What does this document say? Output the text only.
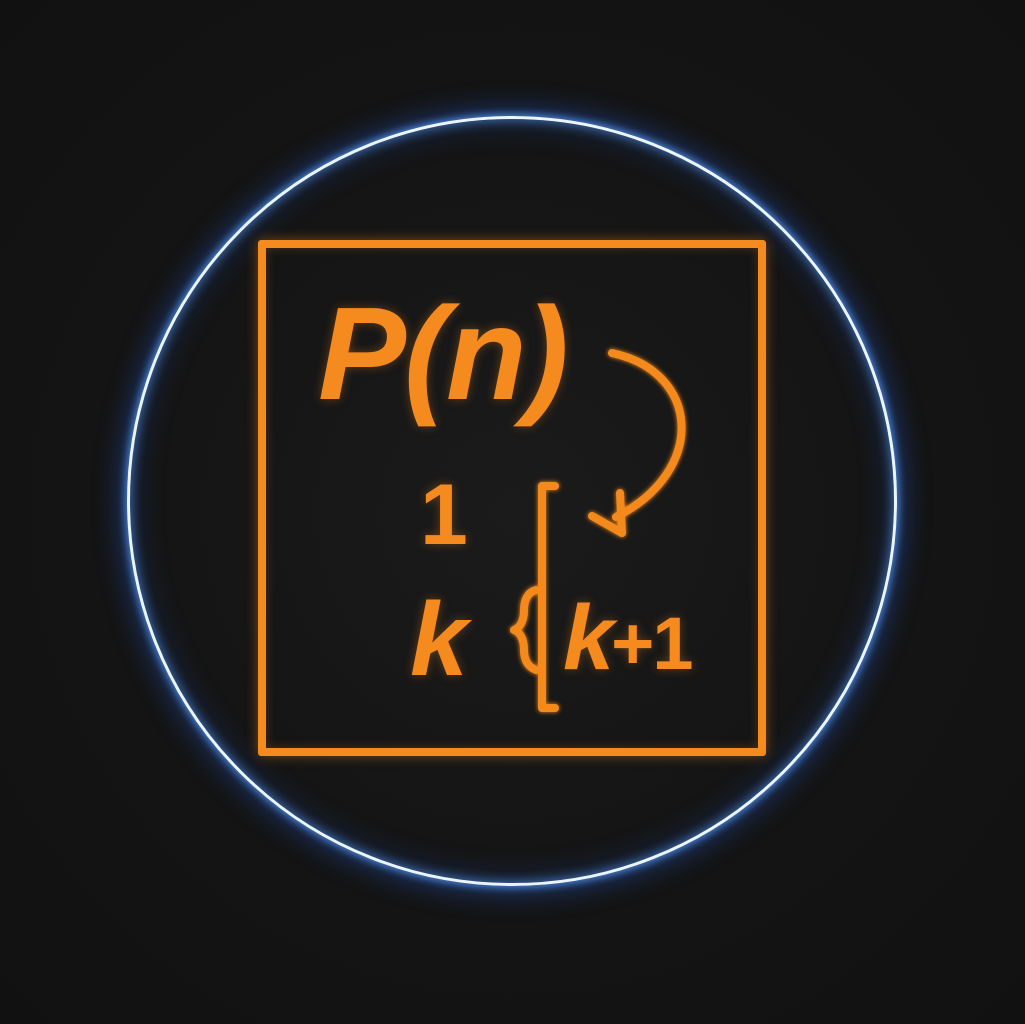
P(n)
1
k k+1
